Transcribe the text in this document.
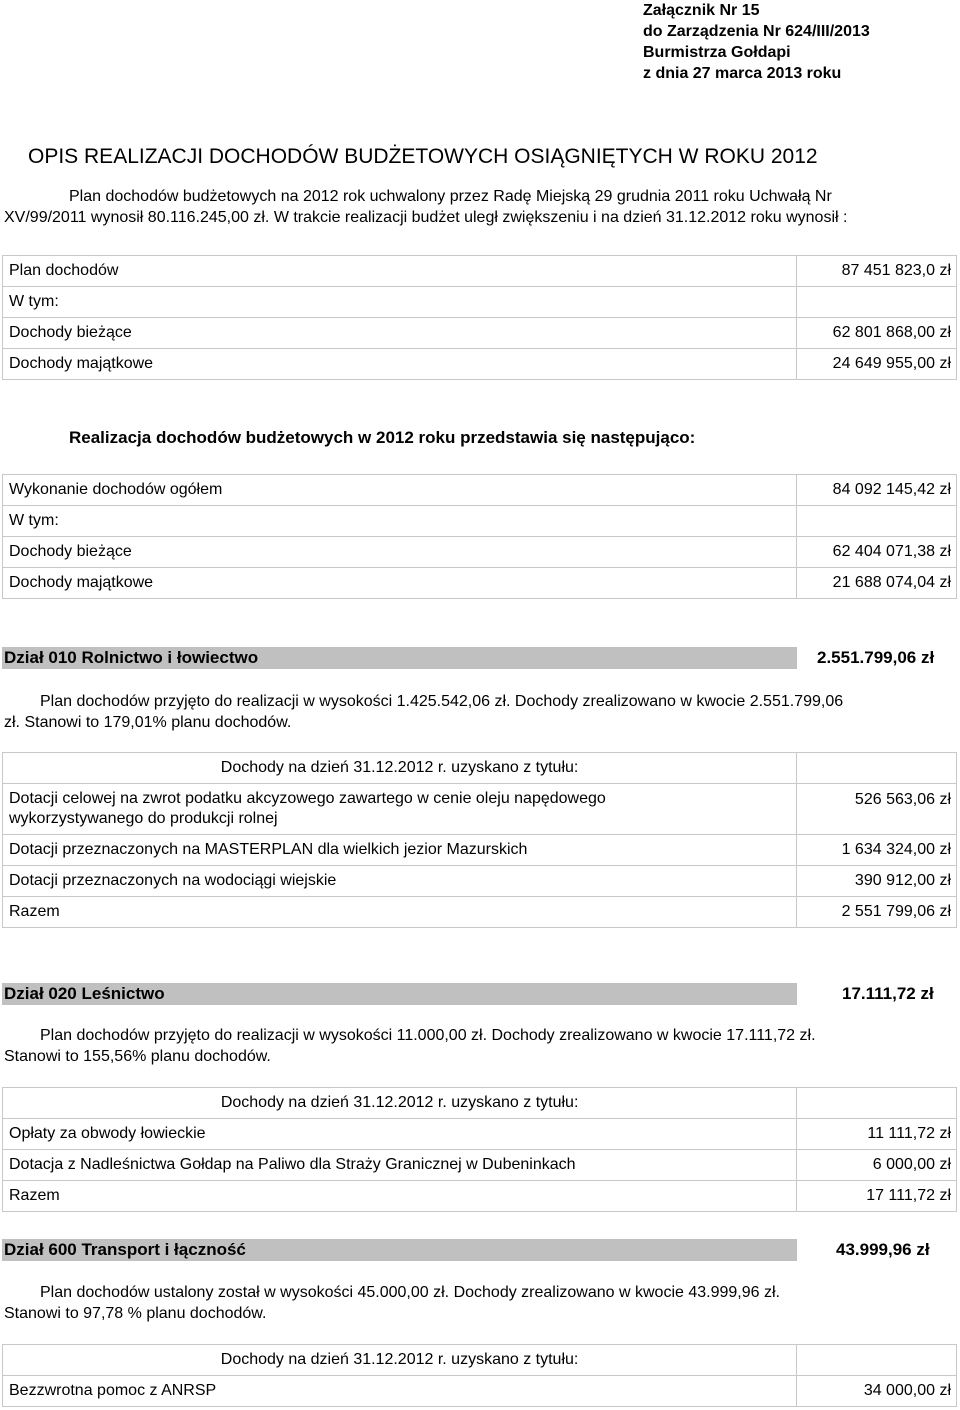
Załącznik Nr 15
do Zarządzenia Nr 624/III/2013
Burmistrza Gołdapi
z dnia 27 marca 2013 roku
OPIS REALIZACJI DOCHODÓW BUDŻETOWYCH OSIĄGNIĘTYCH W ROKU 2012
Plan dochodów budżetowych na 2012 rok uchwalony przez Radę Miejską 29 grudnia 2011 roku Uchwałą Nr
XV/99/2011 wynosił 80.116.245,00 zł. W trakcie realizacji budżet uległ zwiększeniu i na dzień 31.12.2012 roku wynosił :
Plan dochodów	87 451 823,0 zł
W tym:	
Dochody bieżące	62 801 868,00 zł
Dochody majątkowe	24 649 955,00 zł
Realizacja dochodów budżetowych w 2012 roku przedstawia się następująco:
Wykonanie dochodów ogółem	84 092 145,42 zł
W tym:	
Dochody bieżące	62 404 071,38 zł
Dochody majątkowe	21 688 074,04 zł
Dział 010 Rolnictwo i łowiectwo	2.551.799,06 zł
Plan dochodów przyjęto do realizacji w wysokości 1.425.542,06 zł. Dochody zrealizowano w kwocie 2.551.799,06
zł. Stanowi to 179,01% planu dochodów.
Dochody na dzień 31.12.2012 r. uzyskano z tytułu:	
Dotacji celowej na zwrot podatku akcyzowego zawartego w cenie oleju napędowego wykorzystywanego do produkcji rolnej	526 563,06 zł
Dotacji przeznaczonych na MASTERPLAN dla wielkich jezior Mazurskich	1 634 324,00 zł
Dotacji przeznaczonych na wodociągi wiejskie	390 912,00 zł
Razem	2 551 799,06 zł
Dział 020 Leśnictwo	17.111,72 zł
Plan dochodów przyjęto do realizacji w wysokości 11.000,00 zł. Dochody zrealizowano w kwocie 17.111,72 zł.
Stanowi to 155,56% planu dochodów.
Dochody na dzień 31.12.2012 r. uzyskano z tytułu:	
Opłaty za obwody łowieckie	11 111,72 zł
Dotacja z Nadleśnictwa Gołdap na Paliwo dla Straży Granicznej w Dubeninkach	6 000,00 zł
Razem	17 111,72 zł
Dział 600 Transport i łączność	43.999,96 zł
Plan dochodów ustalony został w wysokości 45.000,00 zł. Dochody zrealizowano w kwocie 43.999,96 zł.
Stanowi to 97,78 % planu dochodów.
Dochody na dzień 31.12.2012 r. uzyskano z tytułu:	
Bezzwrotna pomoc z ANRSP	34 000,00 zł
